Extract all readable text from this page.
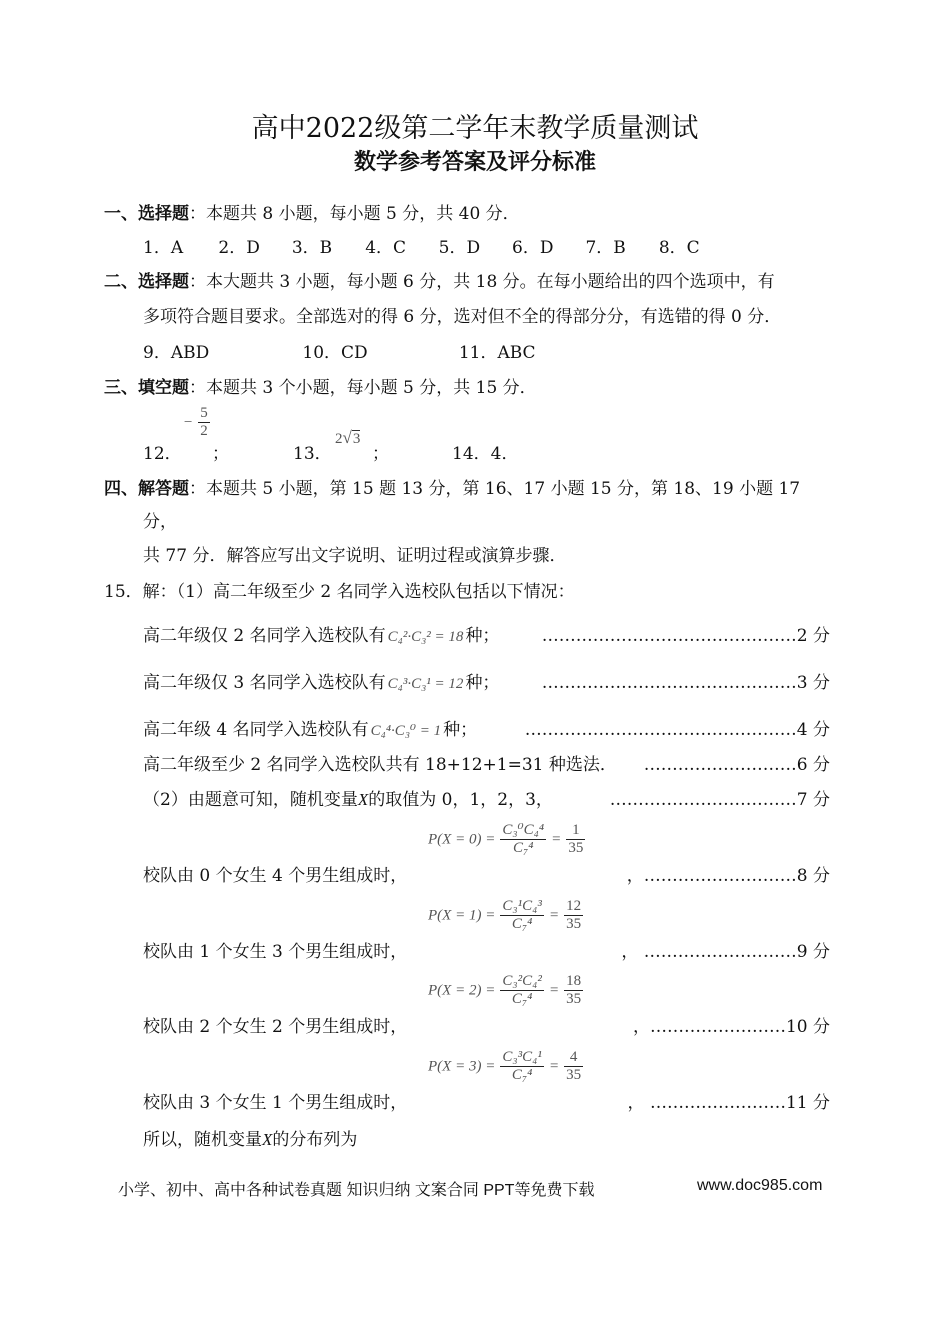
高中2022级第二学年末教学质量测试
数学参考答案及评分标准
一、选择题：本题共 8 小题，每小题 5 分，共 40 分．
1．A 2．D 3．B 4．C 5．D 6．D 7．B 8．C
二、选择题：本大题共 3 小题，每小题 6 分，共 18 分。在每小题给出的四个选项中，有
多项符合题目要求。全部选对的得 6 分，选对但不全的得部分分，有选错的得 0 分．
9．ABD	10．CD	11．ABC
三、填空题：本题共 3 个小题，每小题 5 分，共 15 分．
12．
− $\frac{5}{2}$
；	13．
2√3
；	14．4．
四、解答题：本题共 5 小题，第 15 题 13 分，第 16、17 小题 15 分，第 18、19 小题 17
分，
共 77 分．解答应写出文字说明、证明过程或演算步骤．
15．解：（1）高二年级至少 2 名同学入选校队包括以下情况：
高二年级仅 2 名同学入选校队有 C₄²·C₃² = 18 种； ………………………………………2 分
高二年级仅 3 名同学入选校队有 C₄³·C₃¹ = 12 种； ………………………………………3 分
高二年级 4 名同学入选校队有 C₄⁴·C₃⁰ = 1 种；	…………………………………………4 分
高二年级至少 2 名同学入选校队共有 18+12+1=31 种选法． ………………………6 分
（2）由题意可知，随机变量X的取值为 0，1，2，3，	……………………………7 分
校队由 0 个女生 4 个男生组成时，
$P(X = 0) = \frac{\text{C₃⁰C₄⁴}}{\text{C₇⁴}} = \frac{1}{35}$
，………………………8 分
校队由 1 个女生 3 个男生组成时，
$P(X = 1) = \frac{\text{C₃¹C₄³}}{\text{C₇⁴}} = \frac{12}{35}$
， ………………………9 分
校队由 2 个女生 2 个男生组成时，
$P(X = 2) = \frac{\text{C₃²C₄²}}{\text{C₇⁴}} = \frac{18}{35}$
，……………………10 分
校队由 3 个女生 1 个男生组成时，
$P(X = 3) = \frac{\text{C₃³C₄¹}}{\text{C₇⁴}} = \frac{4}{35}$
， ……………………11 分
所以，随机变量X的分布列为
小学、初中、高中各种试卷真题 知识归纳 文案合同 PPT等免费下载	www.doc985.com
